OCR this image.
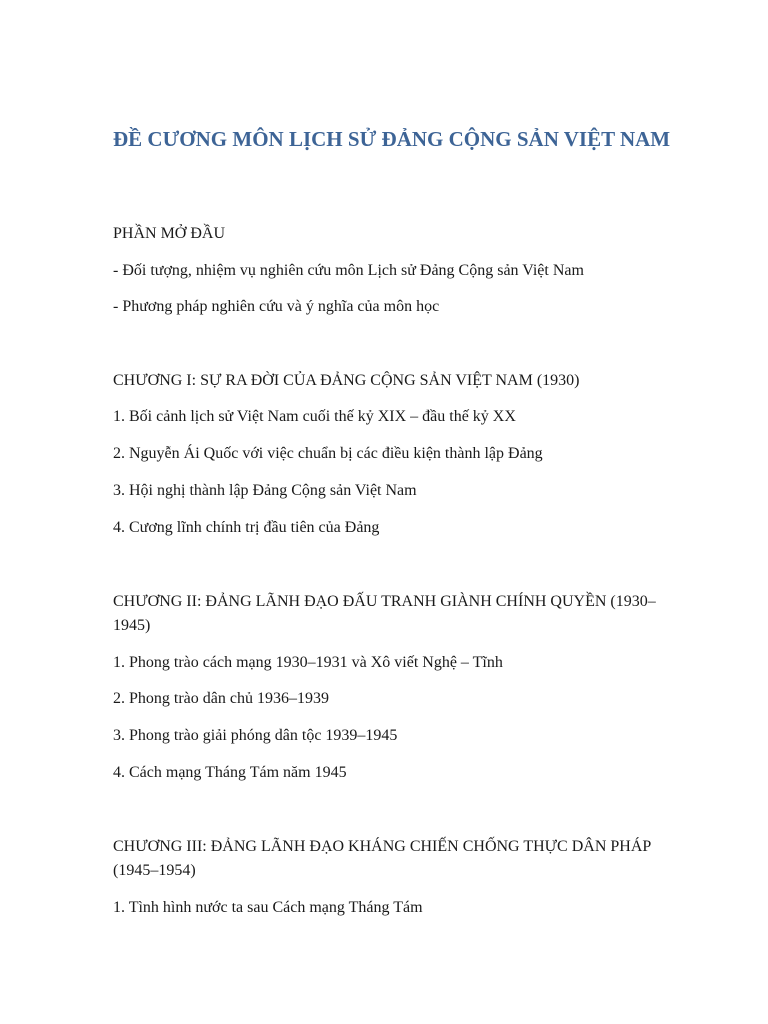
ĐỀ CƯƠNG MÔN LỊCH SỬ ĐẢNG CỘNG SẢN VIỆT NAM

PHẦN MỞ ĐẦU

- Đối tượng, nhiệm vụ nghiên cứu môn Lịch sử Đảng Cộng sản Việt Nam

- Phương pháp nghiên cứu và ý nghĩa của môn học

CHƯƠNG I: SỰ RA ĐỜI CỦA ĐẢNG CỘNG SẢN VIỆT NAM (1930)

1. Bối cảnh lịch sử Việt Nam cuối thế kỷ XIX – đầu thế kỷ XX

2. Nguyễn Ái Quốc với việc chuẩn bị các điều kiện thành lập Đảng

3. Hội nghị thành lập Đảng Cộng sản Việt Nam

4. Cương lĩnh chính trị đầu tiên của Đảng

CHƯƠNG II: ĐẢNG LÃNH ĐẠO ĐẤU TRANH GIÀNH CHÍNH QUYỀN (1930–1945)

1. Phong trào cách mạng 1930–1931 và Xô viết Nghệ – Tĩnh

2. Phong trào dân chủ 1936–1939

3. Phong trào giải phóng dân tộc 1939–1945

4. Cách mạng Tháng Tám năm 1945

CHƯƠNG III: ĐẢNG LÃNH ĐẠO KHÁNG CHIẾN CHỐNG THỰC DÂN PHÁP (1945–1954)

1. Tình hình nước ta sau Cách mạng Tháng Tám
